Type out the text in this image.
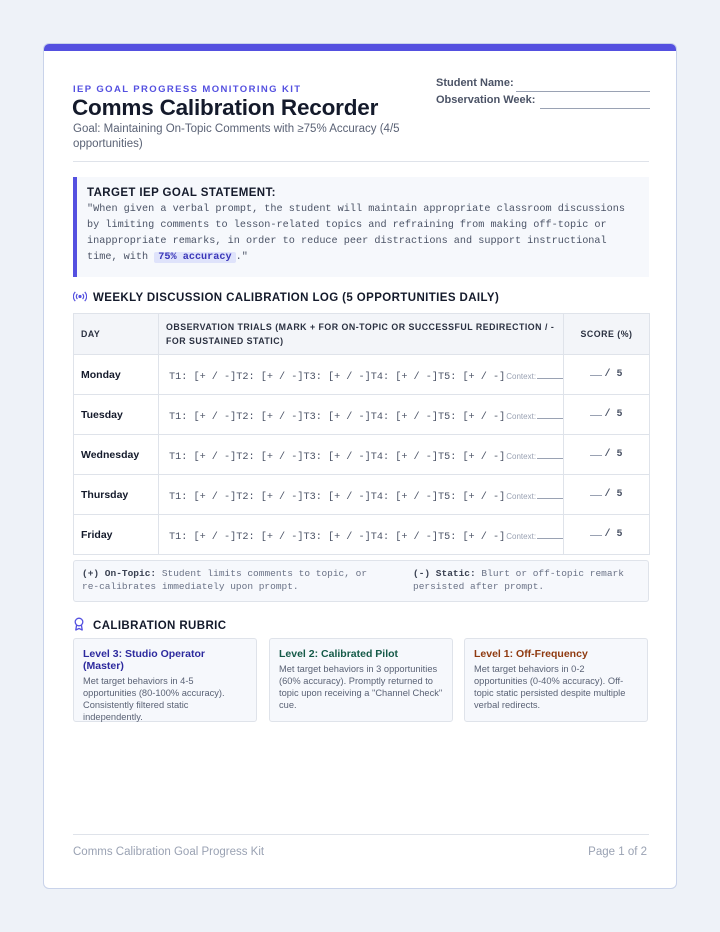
IEP GOAL PROGRESS MONITORING KIT
Comms Calibration Recorder
Goal: Maintaining On-Topic Comments with ≥75% Accuracy (4/5 opportunities)
Student Name:
Observation Week:
TARGET IEP GOAL STATEMENT:
"When given a verbal prompt, the student will maintain appropriate classroom discussions by limiting comments to lesson-related topics and refraining from making off-topic or inappropriate remarks, in order to reduce peer distractions and support instructional time, with 75% accuracy ."
WEEKLY DISCUSSION CALIBRATION LOG (5 OPPORTUNITIES DAILY)
DAY	OBSERVATION TRIALS (MARK + FOR ON-TOPIC OR SUCCESSFUL REDIRECTION / - FOR SUSTAINED STATIC)	SCORE (%)
Monday	T1: [+ / -]T2: [+ / -]T3: [+ / -]T4: [+ / -]T5: [+ / -]Context:	/ 5
Tuesday	T1: [+ / -]T2: [+ / -]T3: [+ / -]T4: [+ / -]T5: [+ / -]Context:	/ 5
Wednesday	T1: [+ / -]T2: [+ / -]T3: [+ / -]T4: [+ / -]T5: [+ / -]Context:	/ 5
Thursday	T1: [+ / -]T2: [+ / -]T3: [+ / -]T4: [+ / -]T5: [+ / -]Context:	/ 5
Friday	T1: [+ / -]T2: [+ / -]T3: [+ / -]T4: [+ / -]T5: [+ / -]Context:	/ 5
(+) On-Topic: Student limits comments to topic, or re-calibrates immediately upon prompt.
(-) Static: Blurt or off-topic remark persisted after prompt.
CALIBRATION RUBRIC
Level 3: Studio Operator (Master)
Met target behaviors in 4-5 opportunities (80-100% accuracy). Consistently filtered static independently.
Level 2: Calibrated Pilot
Met target behaviors in 3 opportunities (60% accuracy). Promptly returned to topic upon receiving a "Channel Check" cue.
Level 1: Off-Frequency
Met target behaviors in 0-2 opportunities (0-40% accuracy). Off-topic static persisted despite multiple verbal redirects.
Comms Calibration Goal Progress Kit	Page 1 of 2
